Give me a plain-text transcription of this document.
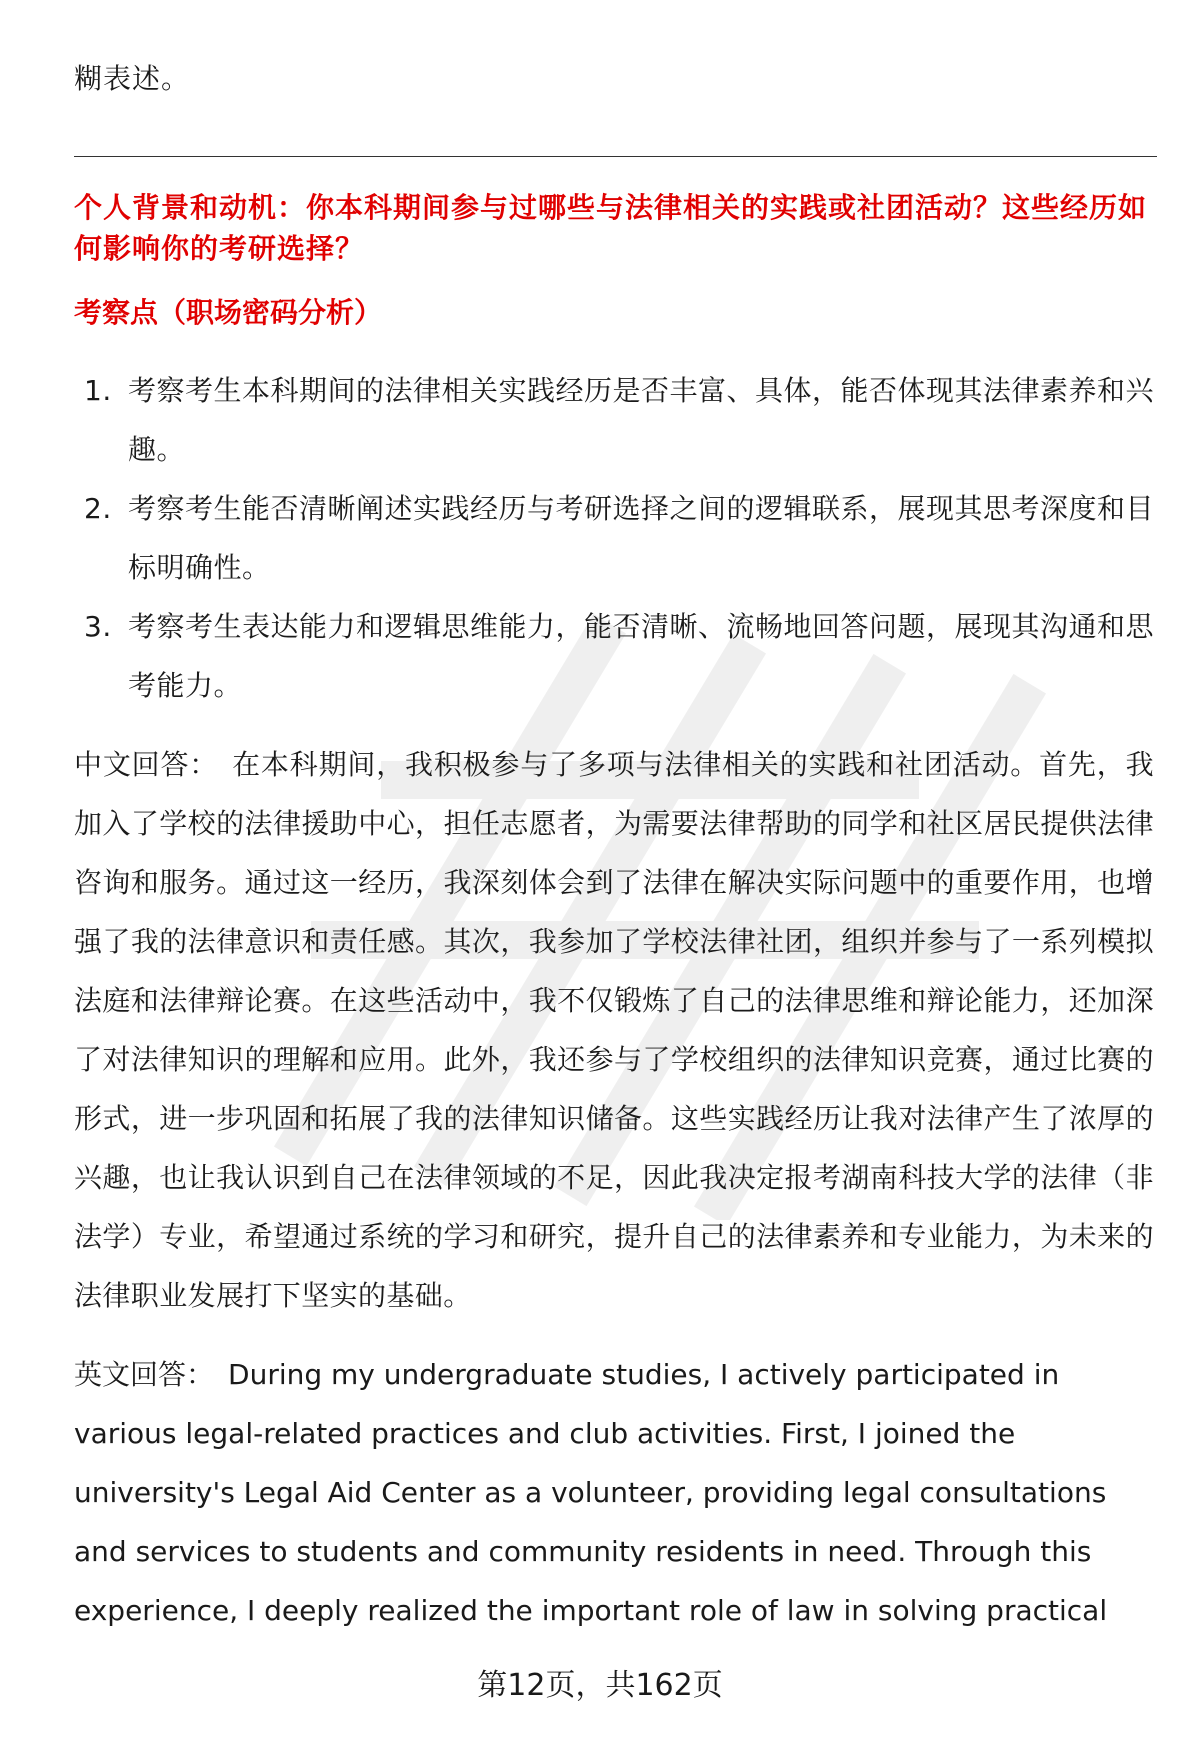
糊表述。

个人背景和动机：你本科期间参与过哪些与法律相关的实践或社团活动？这些经历如何影响你的考研选择？

考察点（职场密码分析）

1. 考察考生本科期间的法律相关实践经历是否丰富、具体，能否体现其法律素养和兴趣。
2. 考察考生能否清晰阐述实践经历与考研选择之间的逻辑联系，展现其思考深度和目标明确性。
3. 考察考生表达能力和逻辑思维能力，能否清晰、流畅地回答问题，展现其沟通和思考能力。

中文回答： 在本科期间，我积极参与了多项与法律相关的实践和社团活动。首先，我加入了学校的法律援助中心，担任志愿者，为需要法律帮助的同学和社区居民提供法律咨询和服务。通过这一经历，我深刻体会到了法律在解决实际问题中的重要作用，也增强了我的法律意识和责任感。其次，我参加了学校法律社团，组织并参与了一系列模拟法庭和法律辩论赛。在这些活动中，我不仅锻炼了自己的法律思维和辩论能力，还加深了对法律知识的理解和应用。此外，我还参与了学校组织的法律知识竞赛，通过比赛的形式，进一步巩固和拓展了我的法律知识储备。这些实践经历让我对法律产生了浓厚的兴趣，也让我认识到自己在法律领域的不足，因此我决定报考湖南科技大学的法律（非法学）专业，希望通过系统的学习和研究，提升自己的法律素养和专业能力，为未来的法律职业发展打下坚实的基础。

英文回答： During my undergraduate studies, I actively participated in various legal-related practices and club activities. First, I joined the university's Legal Aid Center as a volunteer, providing legal consultations and services to students and community residents in need. Through this experience, I deeply realized the important role of law in solving practical

第12页，共162页
